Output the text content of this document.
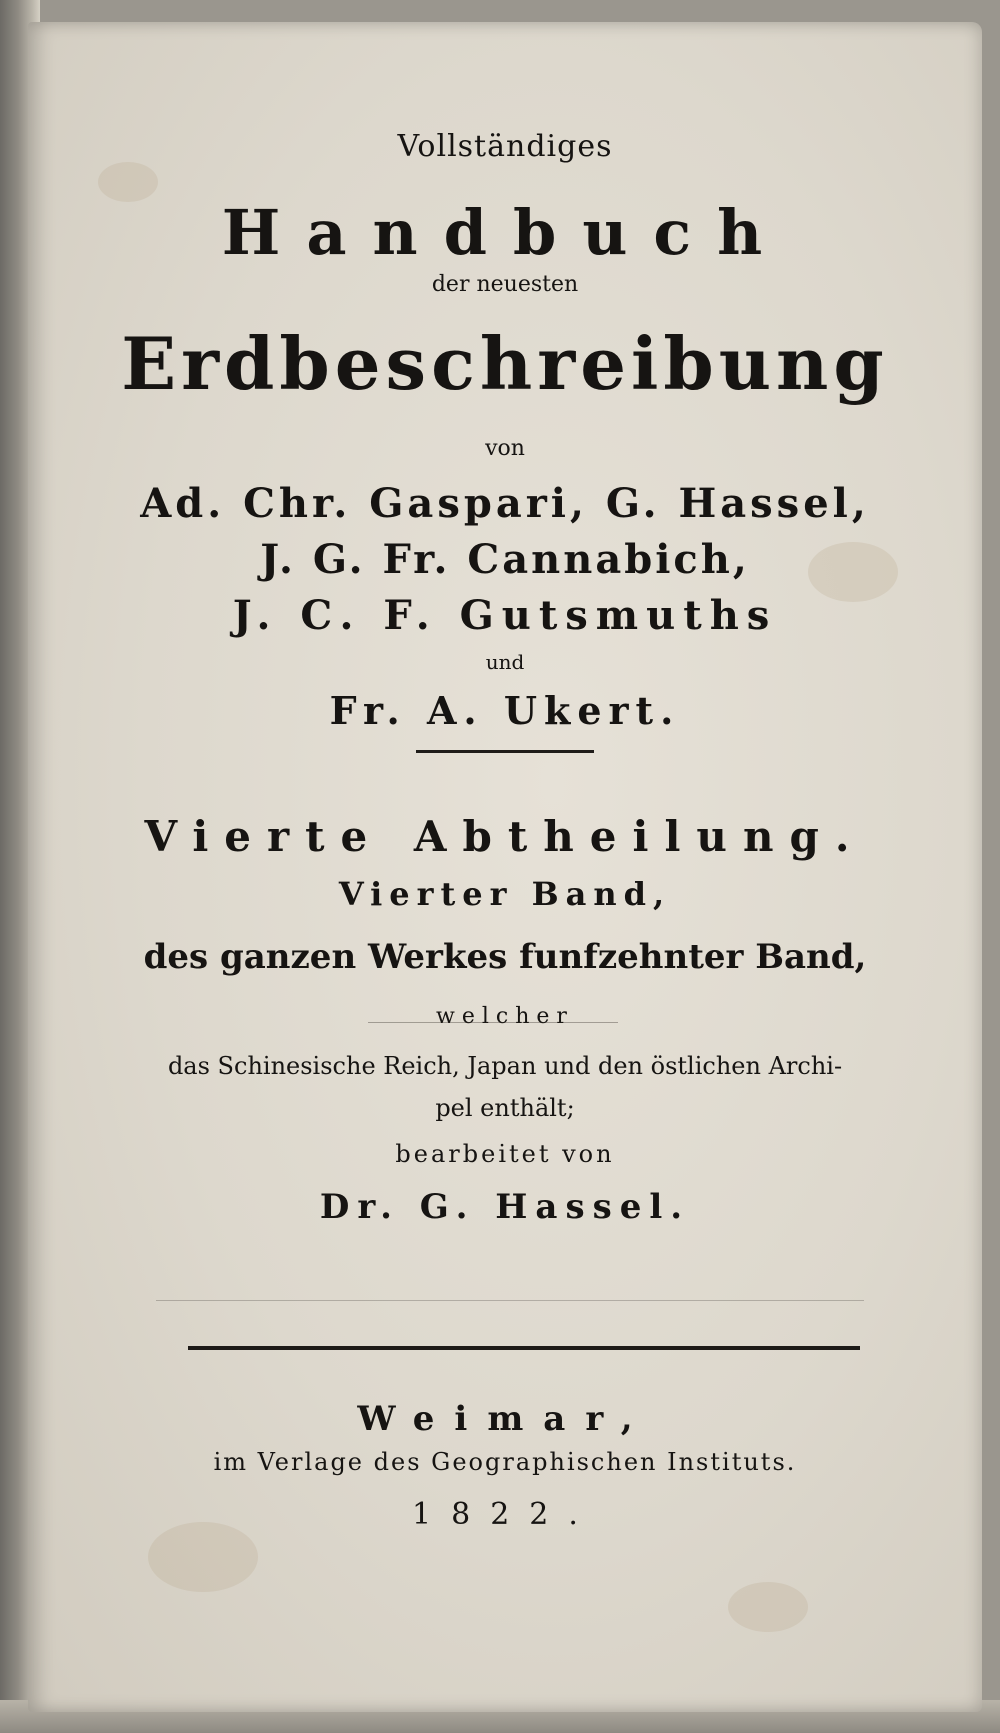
Vollständiges
Handbuch
der neuesten
Erdbeschreibung
von
Ad. Chr. Gaspari, G. Hassel,
J. G. Fr. Cannabich,
J. C. F. Gutsmuths
und
Fr. A. Ukert.
Vierte Abtheilung.
Vierter Band,
des ganzen Werkes funfzehnter Band,
welcher
das Schinesische Reich, Japan und den östlichen Archi-
pel enthält;
bearbeitet von
Dr. G. Hassel.
Weimar,
im Verlage des Geographischen Instituts.
1822.
